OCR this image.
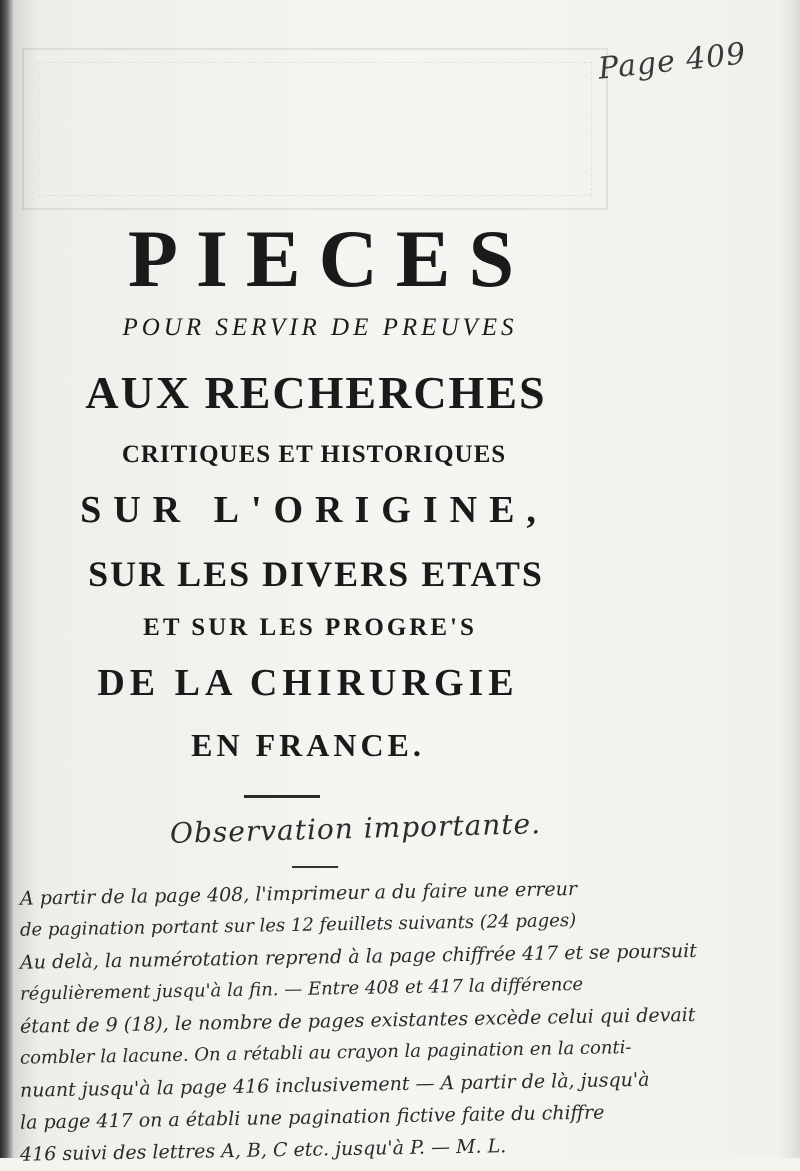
Page 409
PIECES
POUR SERVIR DE PREUVES
AUX RECHERCHES
CRITIQUES ET HISTORIQUES
SUR L'ORIGINE,
SUR LES DIVERS ETATS
ET SUR LES PROGRE'S
DE LA CHIRURGIE
EN FRANCE.
Observation importante.
A partir de la page 408, l'imprimeur a du faire une erreur
de pagination portant sur les 12 feuillets suivants (24 pages)
Au delà, la numérotation reprend à la page chiffrée 417 et se poursuit
régulièrement jusqu'à la fin. — Entre 408 et 417 la différence
étant de 9 (18), le nombre de pages existantes excède celui qui devait
combler la lacune. On a rétabli au crayon la pagination en la conti-
nuant jusqu'à la page 416 inclusivement — A partir de là, jusqu'à
la page 417 on a établi une pagination fictive faite du chiffre
416 suivi des lettres A, B, C etc. jusqu'à P. — M. L.
